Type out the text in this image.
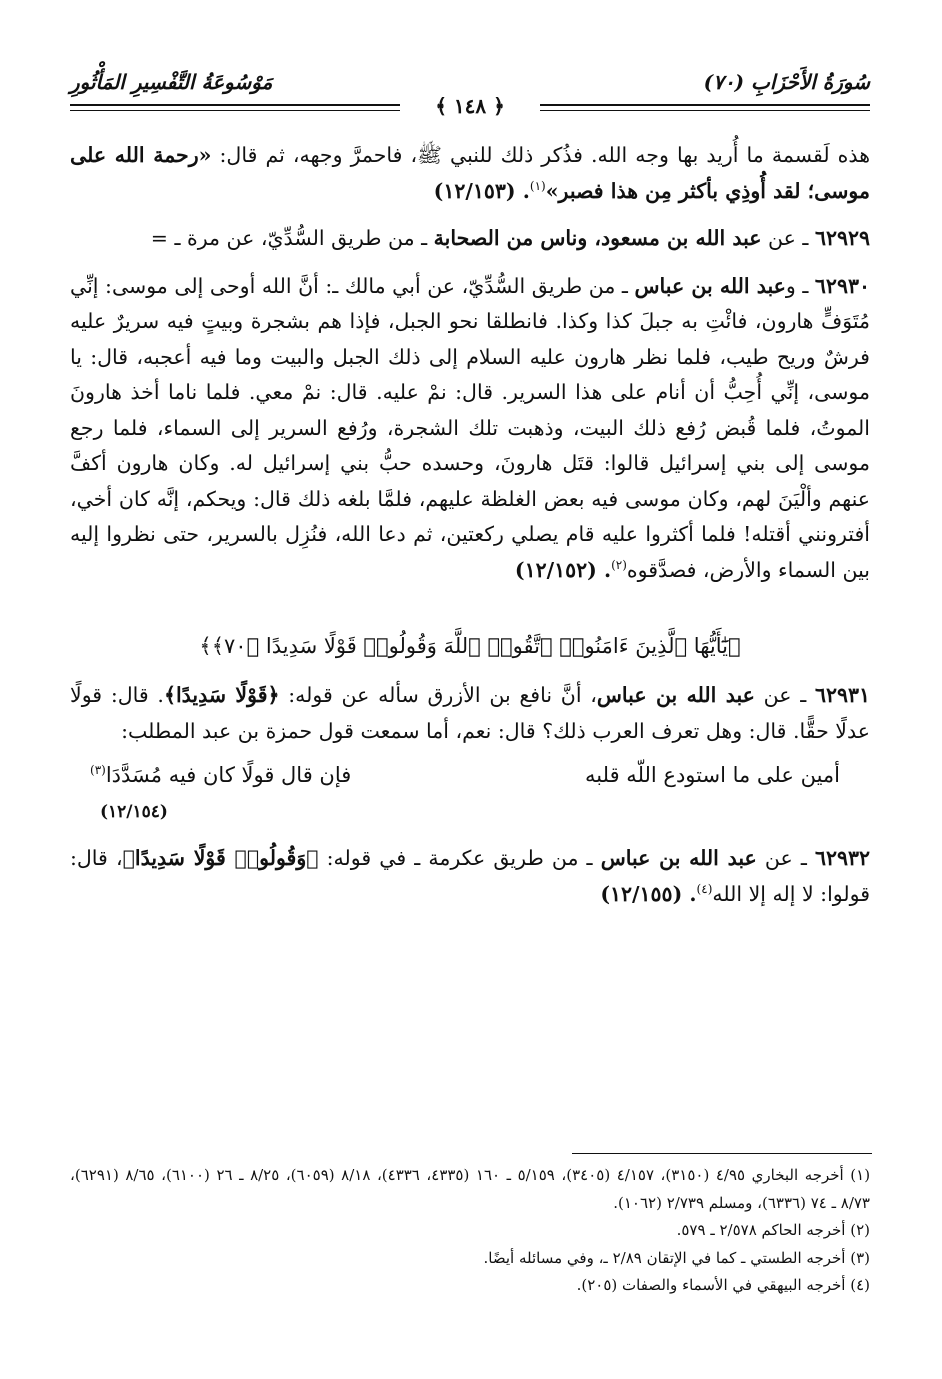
سُورَةُ الأَحْزَابِ (٧٠)
﴿ ١٤٨ ﴾
مَوْسُوعَةُ التَّفْسِيرِ المَأْثُورِ

هذه لَقسمة ما أُريد بها وجه الله. فذُكر ذلك للنبي ﷺ، فاحمرَّ وجهه، ثم قال: «رحمة الله على موسى؛ لقد أُوذِي بأكثر مِن هذا فصبر»$^{(١)}$. (١٢/١٥٣)

٦٢٩٢٩ ـ عن عبد الله بن مسعود، وناس من الصحابة ـ من طريق السُّدِّيّ، عن مرة ـ =

٦٢٩٣٠ ـ وعبد الله بن عباس ـ من طريق السُّدِّيّ، عن أبي مالك ـ: أنَّ الله أوحى إلى موسى: إنِّي مُتَوَفٍّ هارون، فائْتِ به جبلَ كذا وكذا. فانطلقا نحو الجبل، فإذا هم بشجرة وبيتٍ فيه سريرٌ عليه فرشٌ وريح طيب، فلما نظر هارون عليه السلام إلى ذلك الجبل والبيت وما فيه أعجبه، قال: يا موسى، إنِّي أُحِبُّ أن أنام على هذا السرير. قال: نمْ عليه. قال: نمْ معي. فلما ناما أخذ هارونَ الموتُ، فلما قُبض رُفع ذلك البيت، وذهبت تلك الشجرة، ورُفع السرير إلى السماء، فلما رجع موسى إلى بني إسرائيل قالوا: قتَل هارونَ، وحسده حبُّ بني إسرائيل له. وكان هارون أكفَّ عنهم وألْيَنَ لهم، وكان موسى فيه بعض الغلظة عليهم، فلمَّا بلغه ذلك قال: ويحكم، إنَّه كان أخي، أفترونني أقتله! فلما أكثروا عليه قام يصلي ركعتين، ثم دعا الله، فنُزِل بالسرير، حتى نظروا إليه بين السماء والأرض، فصدَّقوه$^{(٢)}$. (١٢/١٥٢)

﴿يَٰٓأَيُّهَا ٱلَّذِينَ ءَامَنُوا۟ ٱتَّقُوا۟ ٱللَّهَ وَقُولُوا۟ قَوْلًا سَدِيدًا ﴿٧٠﴾﴾

٦٢٩٣١ ـ عن عبد الله بن عباس، أنَّ نافع بن الأزرق سأله عن قوله: ﴿قَوْلًا سَدِيدًا﴾. قال: قولًا عدلًا حقًّا. قال: وهل تعرف العرب ذلك؟ قال: نعم، أما سمعت قول حمزة بن عبد المطلب:

أمين على ما استودع اللّه قلبه
فإن قال قولًا كان فيه مُسَدَّدَا$^{(٣)}$
(١٢/١٥٤)

٦٢٩٣٢ ـ عن عبد الله بن عباس ـ من طريق عكرمة ـ في قوله: ﴿وَقُولُوا۟ قَوْلًا سَدِيدًا﴾، قال: قولوا: لا إله إلا الله$^{(٤)}$. (١٢/١٥٥)

(١) أخرجه البخاري ٤/٩٥ (٣١٥٠)، ٤/١٥٧ (٣٤٠٥)، ٥/١٥٩ ـ ١٦٠ (٤٣٣٥، ٤٣٣٦)، ٨/١٨ (٦٠٥٩)، ٨/٢٥ ـ ٢٦ (٦١٠٠)، ٨/٦٥ (٦٢٩١)، ٨/٧٣ ـ ٧٤ (٦٣٣٦)، ومسلم ٢/٧٣٩ (١٠٦٢).

(٢) أخرجه الحاكم ٢/٥٧٨ ـ ٥٧٩.

(٣) أخرجه الطستي ـ كما في الإتقان ٢/٨٩ ـ، وفي مسائله أيضًا.

(٤) أخرجه البيهقي في الأسماء والصفات (٢٠٥).
